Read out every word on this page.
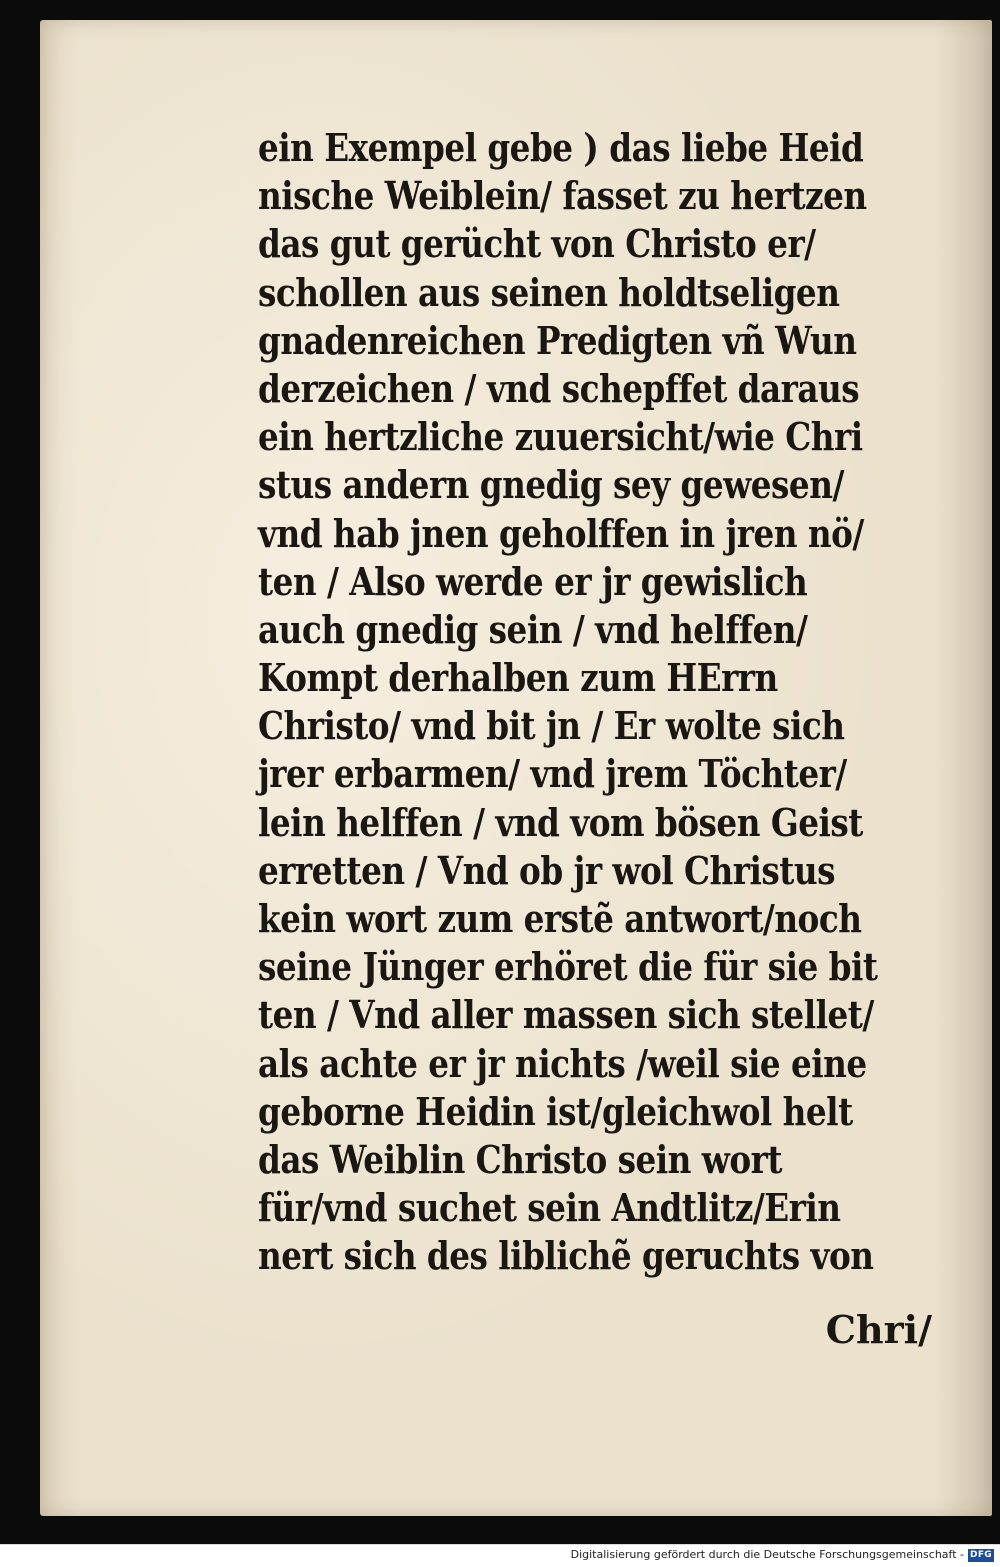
ein Exempel gebe ) das liebe Heid
nische Weiblein/ fasset zu hertzen
das gut gerücht von Christo er/
schollen aus seinen holdtseligen
gnadenreichen Predigten vñ Wun
derzeichen / vnd schepffet daraus
ein hertzliche zuuersicht/wie Chri
stus andern gnedig sey gewesen/
vnd hab jnen geholffen in jren nö/
ten / Also werde er jr gewislich
auch gnedig sein / vnd helffen/
Kompt derhalben zum HErrn
Christo/ vnd bit jn / Er wolte sich
jrer erbarmen/ vnd jrem Töchter/
lein helffen / vnd vom bösen Geist
erretten / Vnd ob jr wol Christus
kein wort zum erstẽ antwort/noch
seine Jünger erhöret die für sie bit
ten / Vnd aller massen sich stellet/
als achte er jr nichts /weil sie eine
geborne Heidin ist/gleichwol helt
das Weiblin Christo sein wort
für/vnd suchet sein Andtlitz/Erin
nert sich des liblichẽ geruchts von
Chri/
Digitalisierung gefördert durch die Deutsche Forschungsgemeinschaft - DFG
